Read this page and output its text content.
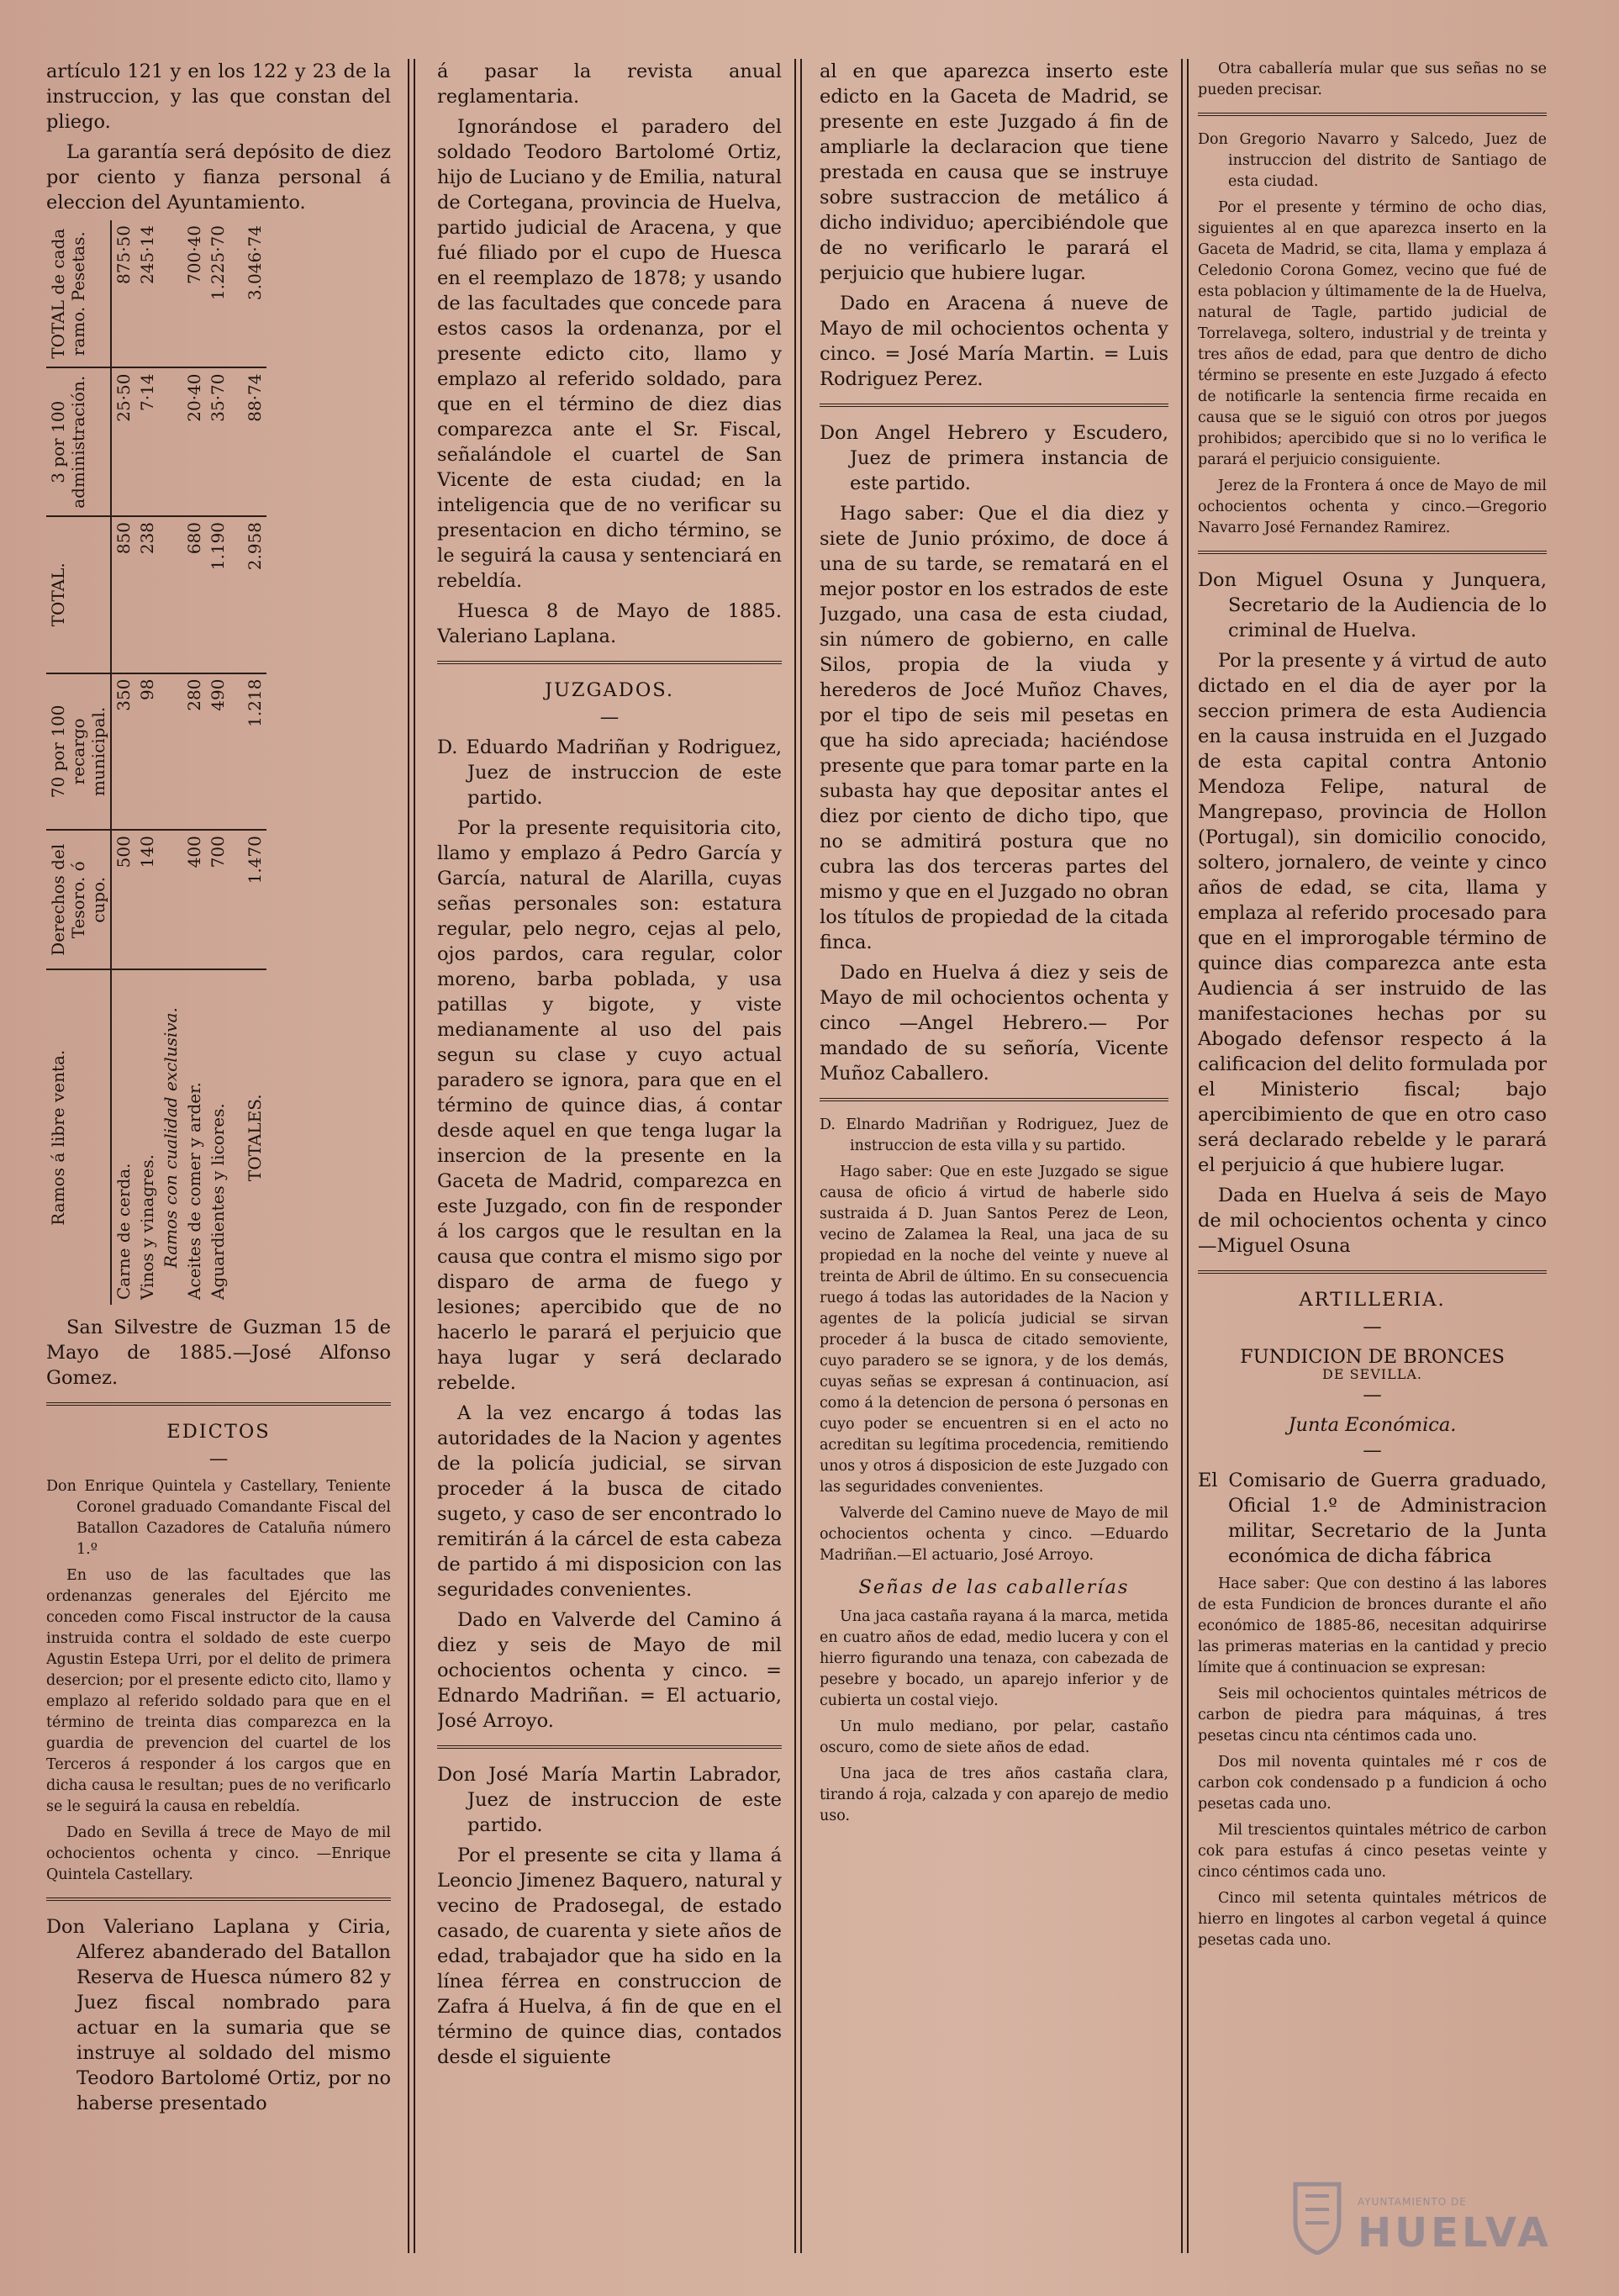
artículo 121 y en los 122 y 23 de la instruccion, y las que constan del pliego.

La garantía será depósito de diez por ciento y fianza personal á eleccion del Ayuntamiento.

Ramos á libre venta.	Derechos del Tesoro. ó cupo.	70 por 100 recargo municipal.	TOTAL.	3 por 100 administración.	TOTAL de cada ramo. Pesetas.
Carne de cerda.	500	350	850	25·50	875·50
Vinos y vinagres.	140	98	238	7·14	245·14
Ramos con cualidad exclusiva.					
Aceites de comer y arder.	400	280	680	20·40	700·40
Aguardientes y licores.	700	490	1.190	35·70	1.225·70
TOTALES.	1.470	1.218	2.958	88·74	3.046·74

San Silvestre de Guzman 15 de Mayo de 1885.—José Alfonso Gomez.

EDICTOS

—

Don Enrique Quintela y Castellary, Teniente Coronel graduado Comandante Fiscal del Batallon Cazadores de Cataluña número 1.º

En uso de las facultades que las ordenanzas generales del Ejército me conceden como Fiscal instructor de la causa instruida contra el soldado de este cuerpo Agustin Estepa Urri, por el delito de primera desercion; por el presente edicto cito, llamo y emplazo al referido soldado para que en el término de treinta dias comparezca en la guardia de prevencion del cuartel de los Terceros á responder á los cargos que en dicha causa le resultan; pues de no verificarlo se le seguirá la causa en rebeldía.

Dado en Sevilla á trece de Mayo de mil ochocientos ochenta y cinco. —Enrique Quintela Castellary.

Don Valeriano Laplana y Ciria, Alferez abanderado del Batallon Reserva de Huesca número 82 y Juez fiscal nombrado para actuar en la sumaria que se instruye al soldado del mismo Teodoro Bartolomé Ortiz, por no haberse presentado

á pasar la revista anual reglamentaria.

Ignorándose el paradero del soldado Teodoro Bartolomé Ortiz, hijo de Luciano y de Emilia, natural de Cortegana, provincia de Huelva, partido judicial de Aracena, y que fué filiado por el cupo de Huesca en el reemplazo de 1878; y usando de las facultades que concede para estos casos la ordenanza, por el presente edicto cito, llamo y emplazo al referido soldado, para que en el término de diez dias comparezca ante el Sr. Fiscal, señalándole el cuartel de San Vicente de esta ciudad; en la inteligencia que de no verificar su presentacion en dicho término, se le seguirá la causa y sentenciará en rebeldía.

Huesca 8 de Mayo de 1885. Valeriano Laplana.

JUZGADOS.

—

D. Eduardo Madriñan y Rodriguez, Juez de instruccion de este partido.

Por la presente requisitoria cito, llamo y emplazo á Pedro García y García, natural de Alarilla, cuyas señas personales son: estatura regular, pelo negro, cejas al pelo, ojos pardos, cara regular, color moreno, barba poblada, y usa patillas y bigote, y viste medianamente al uso del pais segun su clase y cuyo actual paradero se ignora, para que en el término de quince dias, á contar desde aquel en que tenga lugar la insercion de la presente en la Gaceta de Madrid, comparezca en este Juzgado, con fin de responder á los cargos que le resultan en la causa que contra el mismo sigo por disparo de arma de fuego y lesiones; apercibido que de no hacerlo le parará el perjuicio que haya lugar y será declarado rebelde.

A la vez encargo á todas las autoridades de la Nacion y agentes de la policía judicial, se sirvan proceder á la busca de citado sugeto, y caso de ser encontrado lo remitirán á la cárcel de esta cabeza de partido á mi disposicion con las seguridades convenientes.

Dado en Valverde del Camino á diez y seis de Mayo de mil ochocientos ochenta y cinco. = Ednardo Madriñan. = El actuario, José Arroyo.

Don José María Martin Labrador, Juez de instruccion de este partido.

Por el presente se cita y llama á Leoncio Jimenez Baquero, natural y vecino de Pradosegal, de estado casado, de cuarenta y siete años de edad, trabajador que ha sido en la línea férrea en construccion de Zafra á Huelva, á fin de que en el término de quince dias, contados desde el siguiente

al en que aparezca inserto este edicto en la Gaceta de Madrid, se presente en este Juzgado á fin de ampliarle la declaracion que tiene prestada en causa que se instruye sobre sustraccion de metálico á dicho individuo; apercibiéndole que de no verificarlo le parará el perjuicio que hubiere lugar.

Dado en Aracena á nueve de Mayo de mil ochocientos ochenta y cinco. = José María Martin. = Luis Rodriguez Perez.

Don Angel Hebrero y Escudero, Juez de primera instancia de este partido.

Hago saber: Que el dia diez y siete de Junio próximo, de doce á una de su tarde, se rematará en el mejor postor en los estrados de este Juzgado, una casa de esta ciudad, sin número de gobierno, en calle Silos, propia de la viuda y herederos de Jocé Muñoz Chaves, por el tipo de seis mil pesetas en que ha sido apreciada; haciéndose presente que para tomar parte en la subasta hay que depositar antes el diez por ciento de dicho tipo, que no se admitirá postura que no cubra las dos terceras partes del mismo y que en el Juzgado no obran los títulos de propiedad de la citada finca.

Dado en Huelva á diez y seis de Mayo de mil ochocientos ochenta y cinco —Angel Hebrero.— Por mandado de su señoría, Vicente Muñoz Caballero.

D. Elnardo Madriñan y Rodriguez, Juez de instruccion de esta villa y su partido.

Hago saber: Que en este Juzgado se sigue causa de oficio á virtud de haberle sido sustraida á D. Juan Santos Perez de Leon, vecino de Zalamea la Real, una jaca de su propiedad en la noche del veinte y nueve al treinta de Abril de último. En su consecuencia ruego á todas las autoridades de la Nacion y agentes de la policía judicial se sirvan proceder á la busca de citado semoviente, cuyo paradero se se ignora, y de los demás, cuyas señas se expresan á continuacion, así como á la detencion de persona ó personas en cuyo poder se encuentren si en el acto no acreditan su legítima procedencia, remitiendo unos y otros á disposicion de este Juzgado con las seguridades convenientes.

Valverde del Camino nueve de Mayo de mil ochocientos ochenta y cinco. —Eduardo Madriñan.—El actuario, José Arroyo.

Señas de las caballerías

Una jaca castaña rayana á la marca, metida en cuatro años de edad, medio lucera y con el hierro figurando una tenaza, con cabezada de pesebre y bocado, un aparejo inferior y de cubierta un costal viejo.

Un mulo mediano, por pelar, castaño oscuro, como de siete años de edad.

Una jaca de tres años castaña clara, tirando á roja, calzada y con aparejo de medio uso.

Otra caballería mular que sus señas no se pueden precisar.

Don Gregorio Navarro y Salcedo, Juez de instruccion del distrito de Santiago de esta ciudad.

Por el presente y término de ocho dias, siguientes al en que aparezca inserto en la Gaceta de Madrid, se cita, llama y emplaza á Celedonio Corona Gomez, vecino que fué de esta poblacion y últimamente de la de Huelva, natural de Tagle, partido judicial de Torrelavega, soltero, industrial y de treinta y tres años de edad, para que dentro de dicho término se presente en este Juzgado á efecto de notificarle la sentencia firme recaida en causa que se le siguió con otros por juegos prohibidos; apercibido que si no lo verifica le parará el perjuicio consiguiente.

Jerez de la Frontera á once de Mayo de mil ochocientos ochenta y cinco.—Gregorio Navarro José Fernandez Ramirez.

Don Miguel Osuna y Junquera, Secretario de la Audiencia de lo criminal de Huelva.

Por la presente y á virtud de auto dictado en el dia de ayer por la seccion primera de esta Audiencia en la causa instruida en el Juzgado de esta capital contra Antonio Mendoza Felipe, natural de Mangrepaso, provincia de Hollon (Portugal), sin domicilio conocido, soltero, jornalero, de veinte y cinco años de edad, se cita, llama y emplaza al referido procesado para que en el improrogable término de quince dias comparezca ante esta Audiencia á ser instruido de las manifestaciones hechas por su Abogado defensor respecto á la calificacion del delito formulada por el Ministerio fiscal; bajo apercibimiento de que en otro caso será declarado rebelde y le parará el perjuicio á que hubiere lugar.

Dada en Huelva á seis de Mayo de mil ochocientos ochenta y cinco —Miguel Osuna

ARTILLERIA.

—

FUNDICION DE BRONCES

DE SEVILLA.

—

Junta Económica.

—

El Comisario de Guerra graduado, Oficial 1.º de Administracion militar, Secretario de la Junta económica de dicha fábrica

Hace saber: Que con destino á las labores de esta Fundicion de bronces durante el año económico de 1885-86, necesitan adquirirse las primeras materias en la cantidad y precio límite que á continuacion se expresan:

Seis mil ochocientos quintales métricos de carbon de piedra para máquinas, á tres pesetas cincu nta céntimos cada uno.

Dos mil noventa quintales mé r cos de carbon cok condensado p a fundicion á ocho pesetas cada uno.

Mil trescientos quintales métrico de carbon cok para estufas á cinco pesetas veinte y cinco céntimos cada uno.

Cinco mil setenta quintales métricos de hierro en lingotes al carbon vegetal á quince pesetas cada uno.

AYUNTAMIENTO DE
HUELVA
